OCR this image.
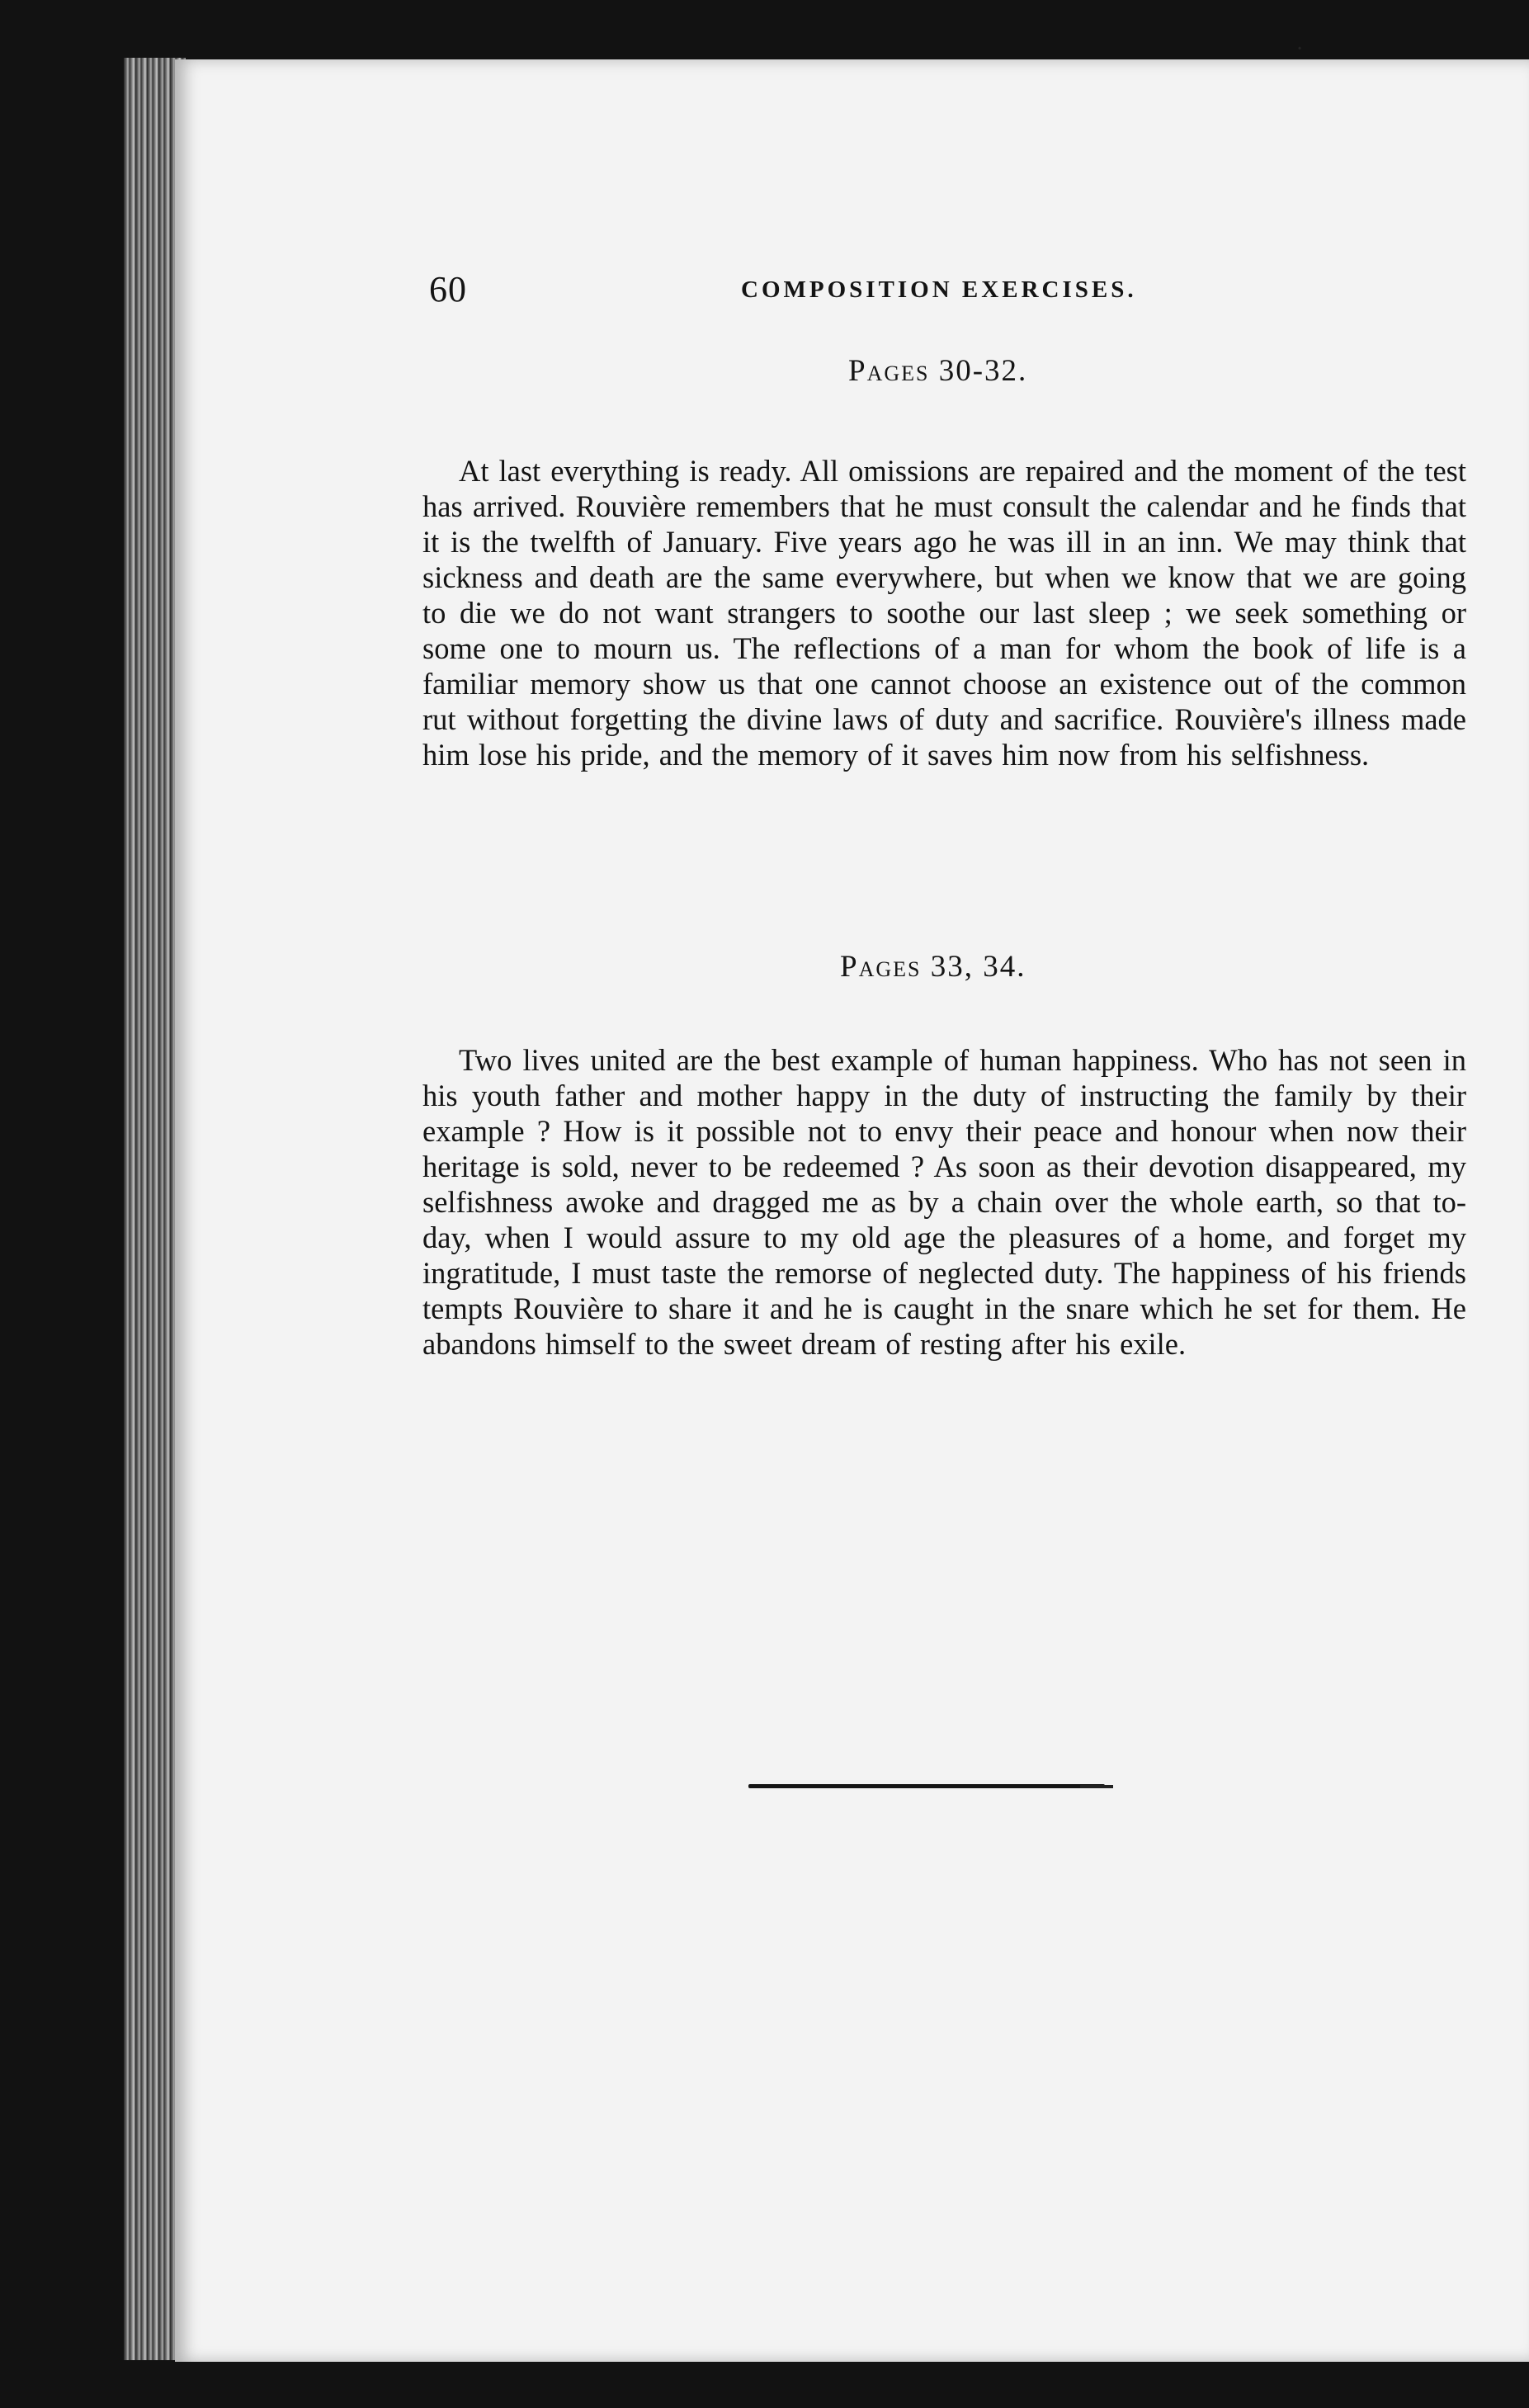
60	COMPOSITION EXERCISES.
Pages 30-32.

At last everything is ready. All omissions are repaired and the moment of the test has arrived. Rouvière remembers that he must consult the calendar and he finds that it is the twelfth of January. Five years ago he was ill in an inn. We may think that sickness and death are the same everywhere, but when we know that we are going to die we do not want strangers to soothe our last sleep ; we seek something or some one to mourn us. The reflections of a man for whom the book of life is a familiar memory show us that one cannot choose an existence out of the common rut without forgetting the divine laws of duty and sacrifice. Rouvière's illness made him lose his pride, and the memory of it saves him now from his selfishness.

Pages 33, 34.

Two lives united are the best example of human happiness. Who has not seen in his youth father and mother happy in the duty of instructing the family by their example ? How is it possible not to envy their peace and honour when now their heritage is sold, never to be redeemed ? As soon as their devotion disappeared, my selfishness awoke and dragged me as by a chain over the whole earth, so that to-day, when I would assure to my old age the pleasures of a home, and forget my ingratitude, I must taste the remorse of neglected duty. The happiness of his friends tempts Rouvière to share it and he is caught in the snare which he set for them. He abandons himself to the sweet dream of resting after his exile.
